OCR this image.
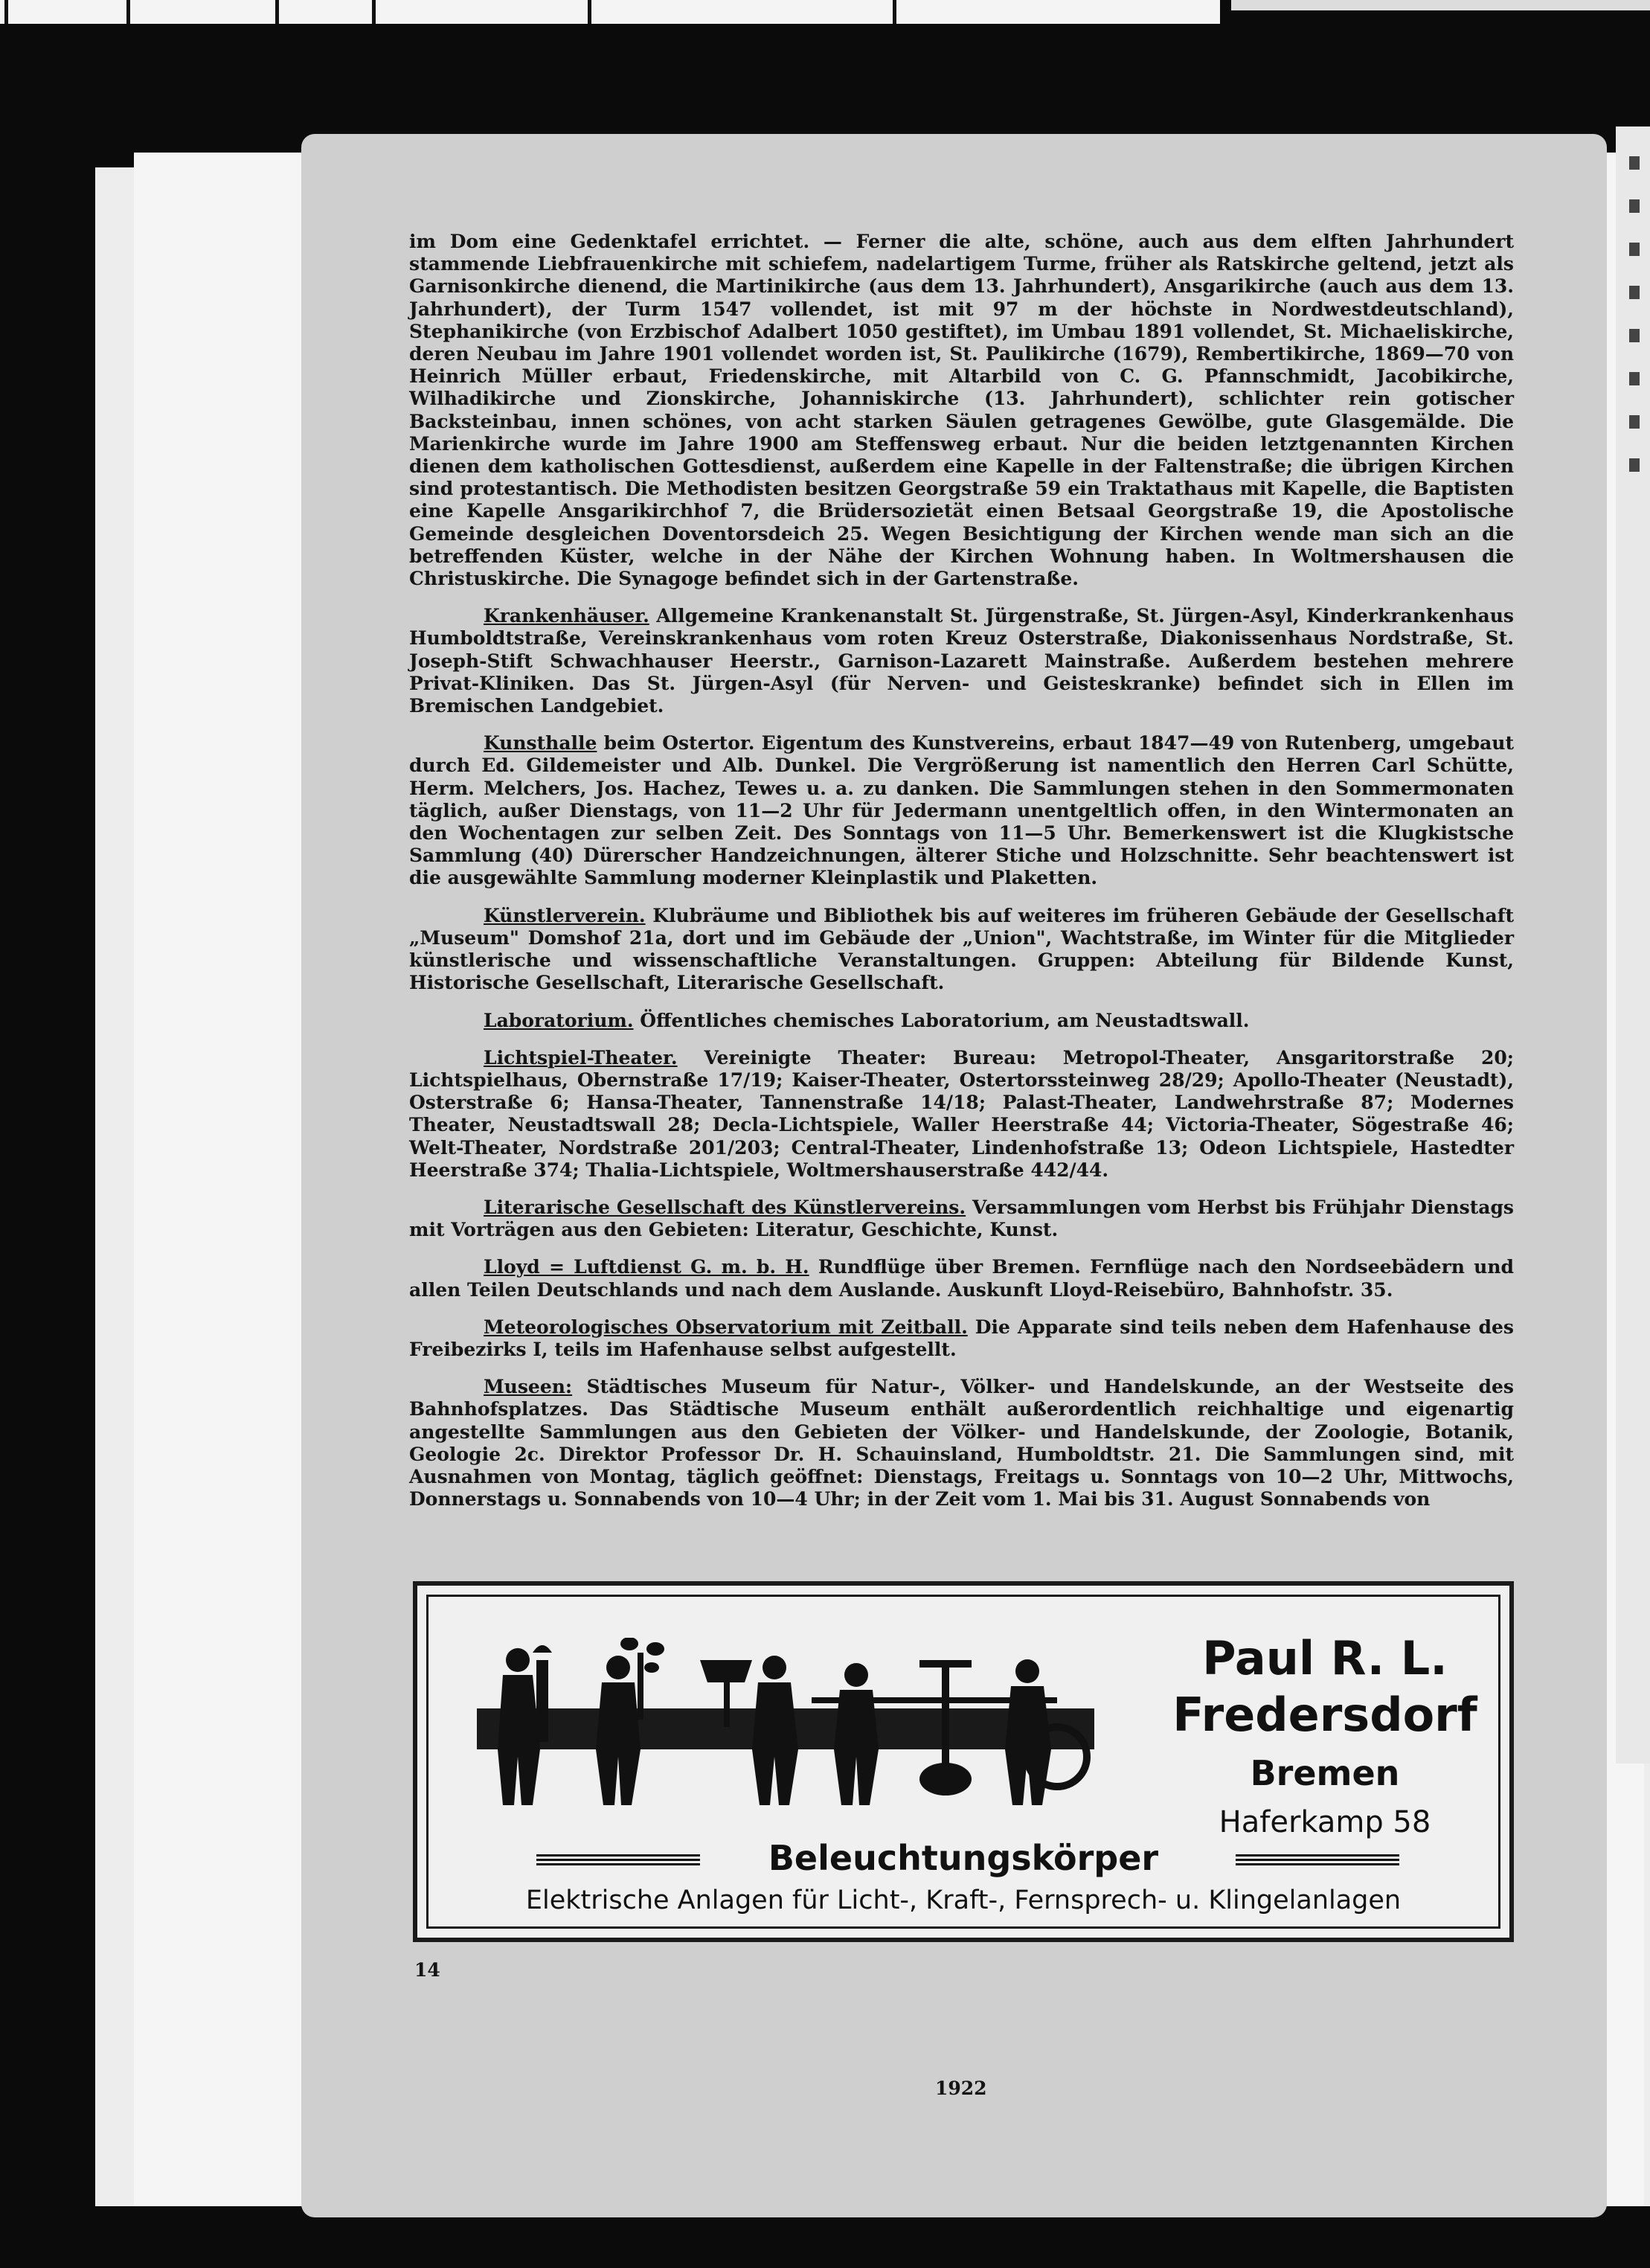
im Dom eine Gedenktafel errichtet. — Ferner die alte, schöne, auch aus dem elften Jahrhundert stammende Liebfrauenkirche mit schiefem, nadelartigem Turme, früher als Ratskirche geltend, jetzt als Garnisonkirche dienend, die Martinikirche (aus dem 13. Jahrhundert), Ansgarikirche (auch aus dem 13. Jahrhundert), der Turm 1547 vollendet, ist mit 97 m der höchste in Nordwestdeutschland), Stephanikirche (von Erzbischof Adalbert 1050 gestiftet), im Umbau 1891 vollendet, St. Michaeliskirche, deren Neubau im Jahre 1901 vollendet worden ist, St. Paulikirche (1679), Rembertikirche, 1869—70 von Heinrich Müller erbaut, Friedenskirche, mit Altarbild von C. G. Pfannschmidt, Jacobikirche, Wilhadikirche und Zionskirche, Johanniskirche (13. Jahrhundert), schlichter rein gotischer Backsteinbau, innen schönes, von acht starken Säulen getragenes Gewölbe, gute Glasgemälde. Die Marienkirche wurde im Jahre 1900 am Steffensweg erbaut. Nur die beiden letztgenannten Kirchen dienen dem katholischen Gottesdienst, außerdem eine Kapelle in der Faltenstraße; die übrigen Kirchen sind protestantisch. Die Methodisten besitzen Georgstraße 59 ein Traktathaus mit Kapelle, die Baptisten eine Kapelle Ansgarikirchhof 7, die Brüdersozietät einen Betsaal Georgstraße 19, die Apostolische Gemeinde desgleichen Doventorsdeich 25. Wegen Besichtigung der Kirchen wende man sich an die betreffenden Küster, welche in der Nähe der Kirchen Wohnung haben. In Woltmershausen die Christuskirche. Die Synagoge befindet sich in der Gartenstraße.

Krankenhäuser. Allgemeine Krankenanstalt St. Jürgenstraße, St. Jürgen-Asyl, Kinderkrankenhaus Humboldtstraße, Vereinskrankenhaus vom roten Kreuz Osterstraße, Diakonissenhaus Nordstraße, St. Joseph-Stift Schwachhauser Heerstr., Garnison-Lazarett Mainstraße. Außerdem bestehen mehrere Privat-Kliniken. Das St. Jürgen-Asyl (für Nerven- und Geisteskranke) befindet sich in Ellen im Bremischen Landgebiet.

Kunsthalle beim Ostertor. Eigentum des Kunstvereins, erbaut 1847—49 von Rutenberg, umgebaut durch Ed. Gildemeister und Alb. Dunkel. Die Vergrößerung ist namentlich den Herren Carl Schütte, Herm. Melchers, Jos. Hachez, Tewes u. a. zu danken. Die Sammlungen stehen in den Sommermonaten täglich, außer Dienstags, von 11—2 Uhr für Jedermann unentgeltlich offen, in den Wintermonaten an den Wochentagen zur selben Zeit. Des Sonntags von 11—5 Uhr. Bemerkenswert ist die Klugkistsche Sammlung (40) Dürerscher Handzeichnungen, älterer Stiche und Holzschnitte. Sehr beachtenswert ist die ausgewählte Sammlung moderner Kleinplastik und Plaketten.

Künstlerverein. Klubräume und Bibliothek bis auf weiteres im früheren Gebäude der Gesellschaft „Museum" Domshof 21a, dort und im Gebäude der „Union", Wachtstraße, im Winter für die Mitglieder künstlerische und wissenschaftliche Veranstaltungen. Gruppen: Abteilung für Bildende Kunst, Historische Gesellschaft, Literarische Gesellschaft.

Laboratorium. Öffentliches chemisches Laboratorium, am Neustadtswall.

Lichtspiel-Theater. Vereinigte Theater: Bureau: Metropol-Theater, Ansgaritorstraße 20; Lichtspielhaus, Obernstraße 17/19; Kaiser-Theater, Ostertorssteinweg 28/29; Apollo-Theater (Neustadt), Osterstraße 6; Hansa-Theater, Tannenstraße 14/18; Palast-Theater, Landwehrstraße 87; Modernes Theater, Neustadtswall 28; Decla-Lichtspiele, Waller Heerstraße 44; Victoria-Theater, Sögestraße 46; Welt-Theater, Nordstraße 201/203; Central-Theater, Lindenhofstraße 13; Odeon Lichtspiele, Hastedter Heerstraße 374; Thalia-Lichtspiele, Woltmershauserstraße 442/44.

Literarische Gesellschaft des Künstlervereins. Versammlungen vom Herbst bis Frühjahr Dienstags mit Vorträgen aus den Gebieten: Literatur, Geschichte, Kunst.

Lloyd = Luftdienst G. m. b. H. Rundflüge über Bremen. Fernflüge nach den Nordseebädern und allen Teilen Deutschlands und nach dem Auslande. Auskunft Lloyd-Reisebüro, Bahnhofstr. 35.

Meteorologisches Observatorium mit Zeitball. Die Apparate sind teils neben dem Hafenhause des Freibezirks I, teils im Hafenhause selbst aufgestellt.

Museen: Städtisches Museum für Natur-, Völker- und Handelskunde, an der Westseite des Bahnhofsplatzes. Das Städtische Museum enthält außerordentlich reichhaltige und eigenartig angestellte Sammlungen aus den Gebieten der Völker- und Handelskunde, der Zoologie, Botanik, Geologie 2c. Direktor Professor Dr. H. Schauinsland, Humboldtstr. 21. Die Sammlungen sind, mit Ausnahmen von Montag, täglich geöffnet: Dienstags, Freitags u. Sonntags von 10—2 Uhr, Mittwochs, Donnerstags u. Sonnabends von 10—4 Uhr; in der Zeit vom 1. Mai bis 31. August Sonnabends von

Paul R. L.
Fredersdorf
Bremen
Haferkamp 58
Beleuchtungskörper
Elektrische Anlagen für Licht-, Kraft-, Fernsprech- u. Klingelanlagen
14
1922
